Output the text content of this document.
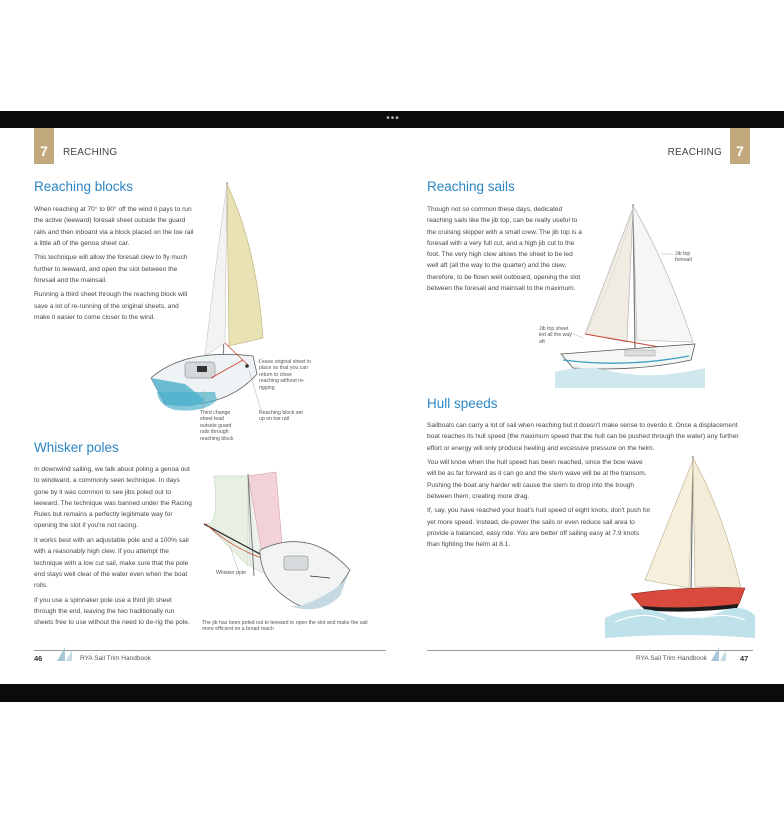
•••
7	REACHING	REACHING	7
Reaching blocks

When reaching at 70° to 90° off the wind it pays to run the active (leeward) foresail sheet outside the guard rails and then inboard via a block placed on the toe rail a little aft of the genoa sheet car.

This technique will allow the foresail clew to fly much further to leeward, and open the slot between the foresail and the mainsail.

Running a third sheet through the reaching block will save a lot of re-running of the original sheets, and make it easier to come closer to the wind.

Leave original sheet in place so that you can return to close reaching without re-rigging
Third change sheet lead outside guard rails through reaching block
Reaching block set up on toe rail
Whisker poles

In downwind sailing, we talk about poling a genoa out to windward, a commonly seen technique. In days gone by it was common to see jibs poled out to leeward. The technique was banned under the Racing Rules but remains a perfectly legitimate way for opening the slot if you're not racing.

It works best with an adjustable pole and a 100% sail with a reasonably high clew. If you attempt the technique with a low cut sail, make sure that the pole end stays well clear of the water even when the boat rolls.

If you use a spinnaker pole use a third jib sheet through the end, leaving the two traditionally run sheets free to use without the need to de-rig the pole.

Whisker pole
The jib has been poled out to leeward to open the slot and make the sail more efficient on a broad reach
46	RYA Sail Trim Handbook
Reaching sails

Though not so common these days, dedicated reaching sails like the jib top, can be really useful to the cruising skipper with a small crew. The jib top is a foresail with a very full cut, and a high jib cut to the foot. The very high clew allows the sheet to be led well aft (all the way to the quarter) and the clew, therefore, to be flown well outboard, opening the slot between the foresail and mainsail to the maximum.

Jib top foresail
Jib top sheet led all the way aft
Hull speeds

Sailboats can carry a lot of sail when reaching but it doesn't make sense to overdo it. Once a displacement boat reaches its hull speed (the maximum speed that the hull can be pushed through the water) any further effort or energy will only produce heeling and excessive pressure on the helm.

You will know when the hull speed has been reached, since the bow wave will be as far forward as it can go and the stern wave will be at the transom. Pushing the boat any harder will cause the stern to drop into the trough between them, creating more drag.

If, say, you have reached your boat's hull speed of eight knots, don't push for yet more speed. Instead, de-power the sails or even reduce sail area to provide a balanced, easy ride. You are better off sailing easy at 7.9 knots than fighting the helm at 8.1.

RYA Sail Trim Handbook	47
